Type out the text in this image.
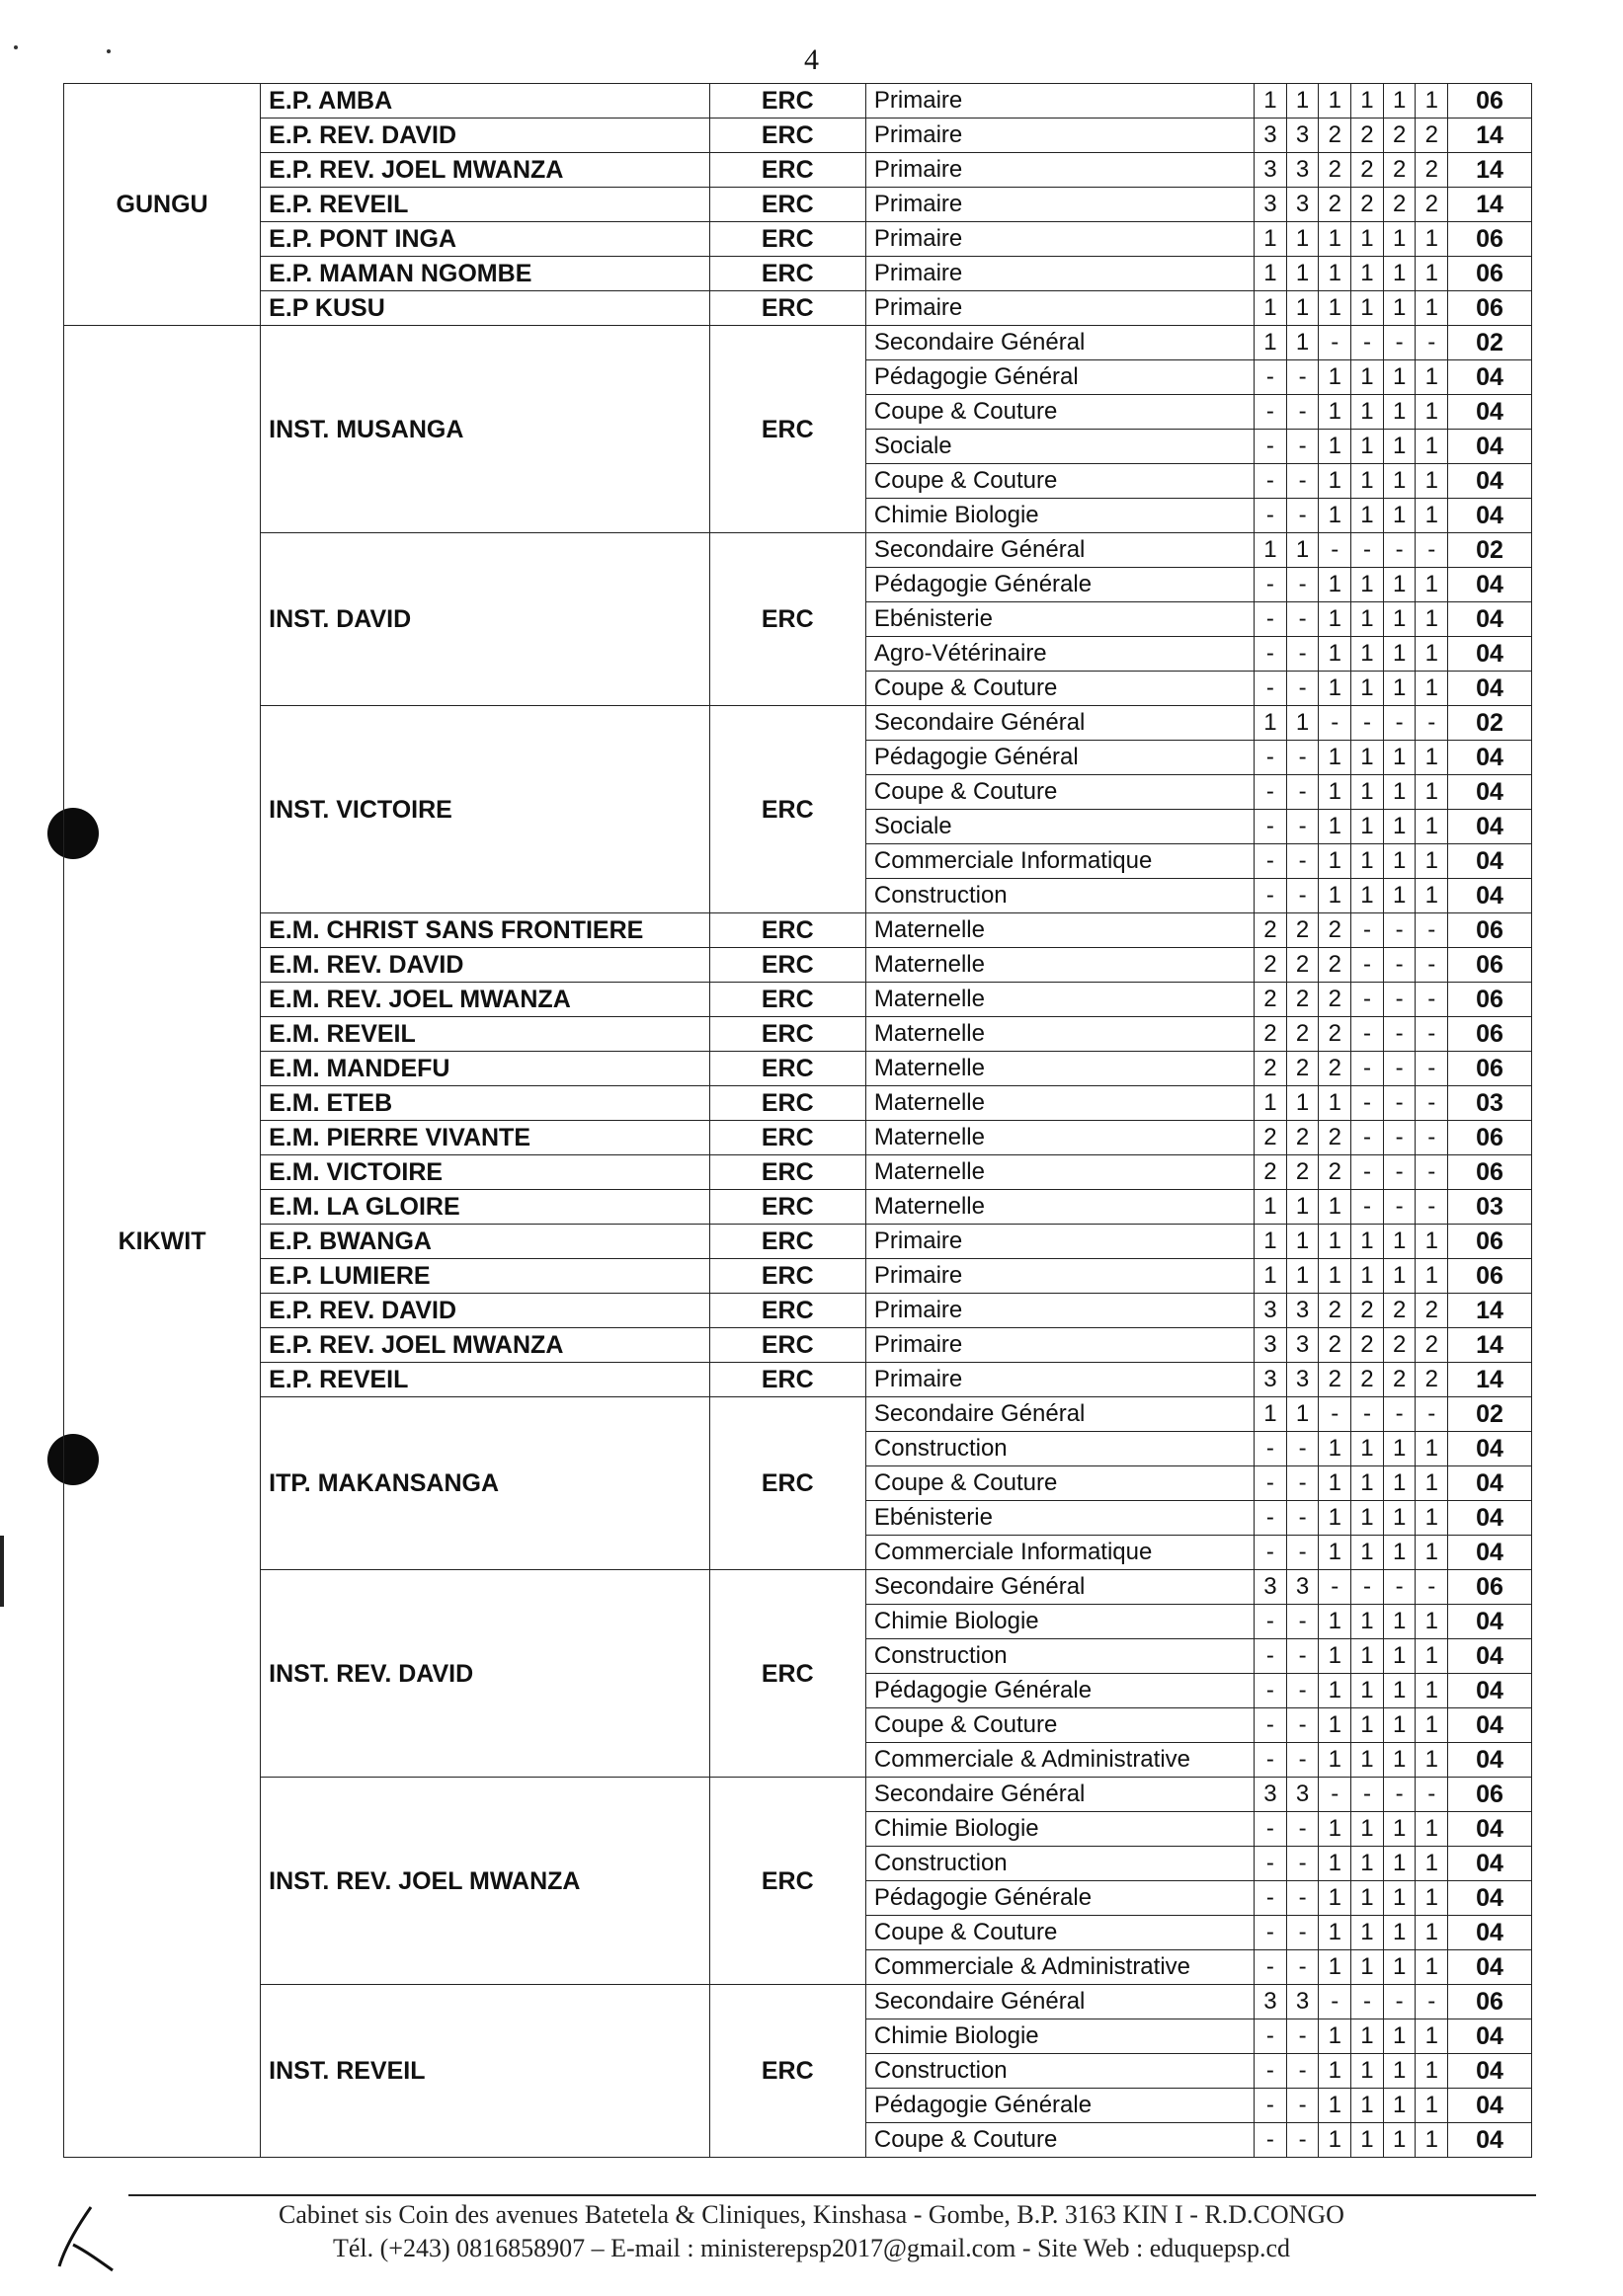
4
GUNGU	E.P. AMBA	ERC	Primaire	1	1	1	1	1	1	06
	E.P. REV. DAVID	ERC	Primaire	3	3	2	2	2	2	14
	E.P. REV. JOEL MWANZA	ERC	Primaire	3	3	2	2	2	2	14
	E.P. REVEIL	ERC	Primaire	3	3	2	2	2	2	14
	E.P. PONT INGA	ERC	Primaire	1	1	1	1	1	1	06
	E.P. MAMAN NGOMBE	ERC	Primaire	1	1	1	1	1	1	06
	E.P KUSU	ERC	Primaire	1	1	1	1	1	1	06
KIKWIT	INST. MUSANGA	ERC	Secondaire Général	1	1	-	-	-	-	02
			Pédagogie Général	-	-	1	1	1	1	04
			Coupe & Couture	-	-	1	1	1	1	04
			Sociale	-	-	1	1	1	1	04
			Coupe & Couture	-	-	1	1	1	1	04
			Chimie Biologie	-	-	1	1	1	1	04
	INST. DAVID	ERC	Secondaire Général	1	1	-	-	-	-	02
			Pédagogie Générale	-	-	1	1	1	1	04
			Ebénisterie	-	-	1	1	1	1	04
			Agro-Vétérinaire	-	-	1	1	1	1	04
			Coupe & Couture	-	-	1	1	1	1	04
	INST. VICTOIRE	ERC	Secondaire Général	1	1	-	-	-	-	02
			Pédagogie Général	-	-	1	1	1	1	04
			Coupe & Couture	-	-	1	1	1	1	04
			Sociale	-	-	1	1	1	1	04
			Commerciale Informatique	-	-	1	1	1	1	04
			Construction	-	-	1	1	1	1	04
	E.M. CHRIST SANS FRONTIERE	ERC	Maternelle	2	2	2	-	-	-	06
	E.M. REV. DAVID	ERC	Maternelle	2	2	2	-	-	-	06
	E.M. REV. JOEL MWANZA	ERC	Maternelle	2	2	2	-	-	-	06
	E.M. REVEIL	ERC	Maternelle	2	2	2	-	-	-	06
	E.M. MANDEFU	ERC	Maternelle	2	2	2	-	-	-	06
	E.M. ETEB	ERC	Maternelle	1	1	1	-	-	-	03
	E.M. PIERRE VIVANTE	ERC	Maternelle	2	2	2	-	-	-	06
	E.M. VICTOIRE	ERC	Maternelle	2	2	2	-	-	-	06
	E.M. LA GLOIRE	ERC	Maternelle	1	1	1	-	-	-	03
	E.P. BWANGA	ERC	Primaire	1	1	1	1	1	1	06
	E.P. LUMIERE	ERC	Primaire	1	1	1	1	1	1	06
	E.P. REV. DAVID	ERC	Primaire	3	3	2	2	2	2	14
	E.P. REV. JOEL MWANZA	ERC	Primaire	3	3	2	2	2	2	14
	E.P. REVEIL	ERC	Primaire	3	3	2	2	2	2	14
	ITP. MAKANSANGA	ERC	Secondaire Général	1	1	-	-	-	-	02
			Construction	-	-	1	1	1	1	04
			Coupe & Couture	-	-	1	1	1	1	04
			Ebénisterie	-	-	1	1	1	1	04
			Commerciale Informatique	-	-	1	1	1	1	04
	INST. REV. DAVID	ERC	Secondaire Général	3	3	-	-	-	-	06
			Chimie Biologie	-	-	1	1	1	1	04
			Construction	-	-	1	1	1	1	04
			Pédagogie Générale	-	-	1	1	1	1	04
			Coupe & Couture	-	-	1	1	1	1	04
			Commerciale & Administrative	-	-	1	1	1	1	04
	INST. REV. JOEL MWANZA	ERC	Secondaire Général	3	3	-	-	-	-	06
			Chimie Biologie	-	-	1	1	1	1	04
			Construction	-	-	1	1	1	1	04
			Pédagogie Générale	-	-	1	1	1	1	04
			Coupe & Couture	-	-	1	1	1	1	04
			Commerciale & Administrative	-	-	1	1	1	1	04
	INST. REVEIL	ERC	Secondaire Général	3	3	-	-	-	-	06
			Chimie Biologie	-	-	1	1	1	1	04
			Construction	-	-	1	1	1	1	04
			Pédagogie Générale	-	-	1	1	1	1	04
			Coupe & Couture	-	-	1	1	1	1	04
Cabinet sis Coin des avenues Batetela & Cliniques, Kinshasa - Gombe, B.P. 3163 KIN I - R.D.CONGO
Tél. (+243) 0816858907 – E-mail : ministerepsp2017@gmail.com - Site Web : eduquepsp.cd
